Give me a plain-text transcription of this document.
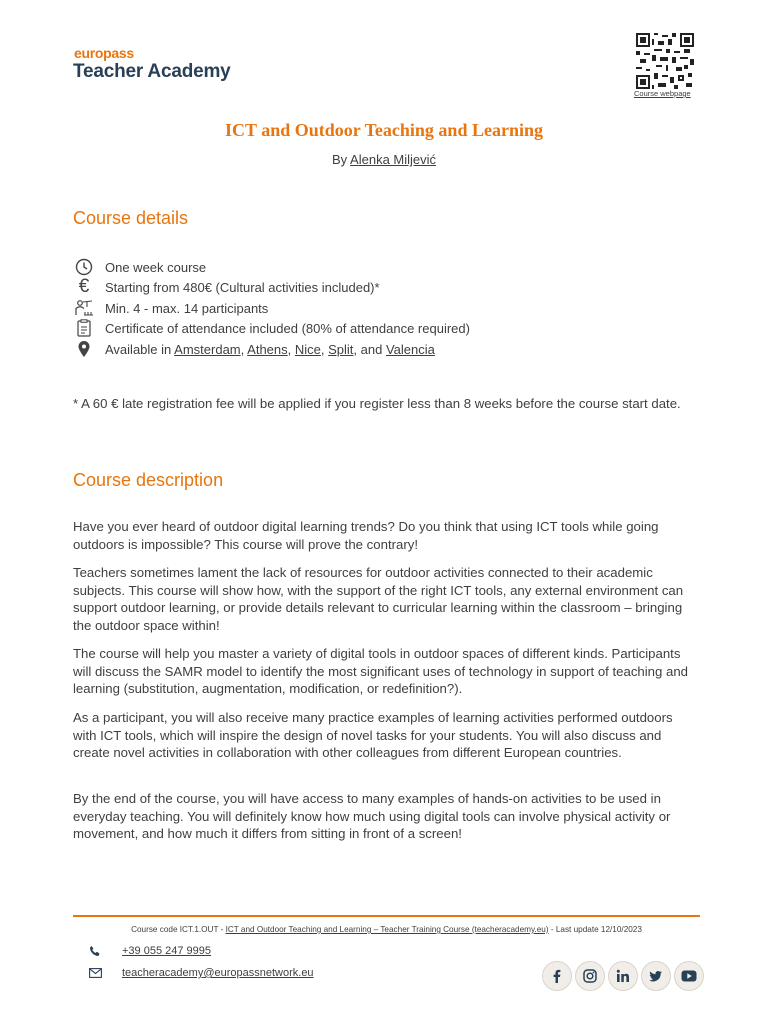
europass
Teacher Academy
Course webpage
ICT and Outdoor Teaching and Learning
By Alenka Miljević
Course details
One week course
€	Starting from 480€ (Cultural activities included)*
Min. 4 - max. 14 participants
Certificate of attendance included (80% of attendance required)
Available in Amsterdam, Athens, Nice, Split, and Valencia
* A 60 € late registration fee will be applied if you register less than 8 weeks before the course start date.
Course description
Have you ever heard of outdoor digital learning trends? Do you think that using ICT tools while going outdoors is impossible? This course will prove the contrary!
Teachers sometimes lament the lack of resources for outdoor activities connected to their academic subjects. This course will show how, with the support of the right ICT tools, any external environment can support outdoor learning, or provide details relevant to curricular learning within the classroom – bringing the outdoor space within!
The course will help you master a variety of digital tools in outdoor spaces of different kinds. Participants will discuss the SAMR model to identify the most significant uses of technology in support of teaching and learning (substitution, augmentation, modification, or redefinition?).
As a participant, you will also receive many practice examples of learning activities performed outdoors with ICT tools, which will inspire the design of novel tasks for your students. You will also discuss and create novel activities in collaboration with other colleagues from different European countries.
By the end of the course, you will have access to many examples of hands-on activities to be used in everyday teaching. You will definitely know how much using digital tools can involve physical activity or movement, and how much it differs from sitting in front of a screen!
Course code ICT.1.OUT - ICT and Outdoor Teaching and Learning – Teacher Training Course (teacheracademy.eu) - Last update 12/10/2023
+39 055 247 9995
teacheracademy@europassnetwork.eu
